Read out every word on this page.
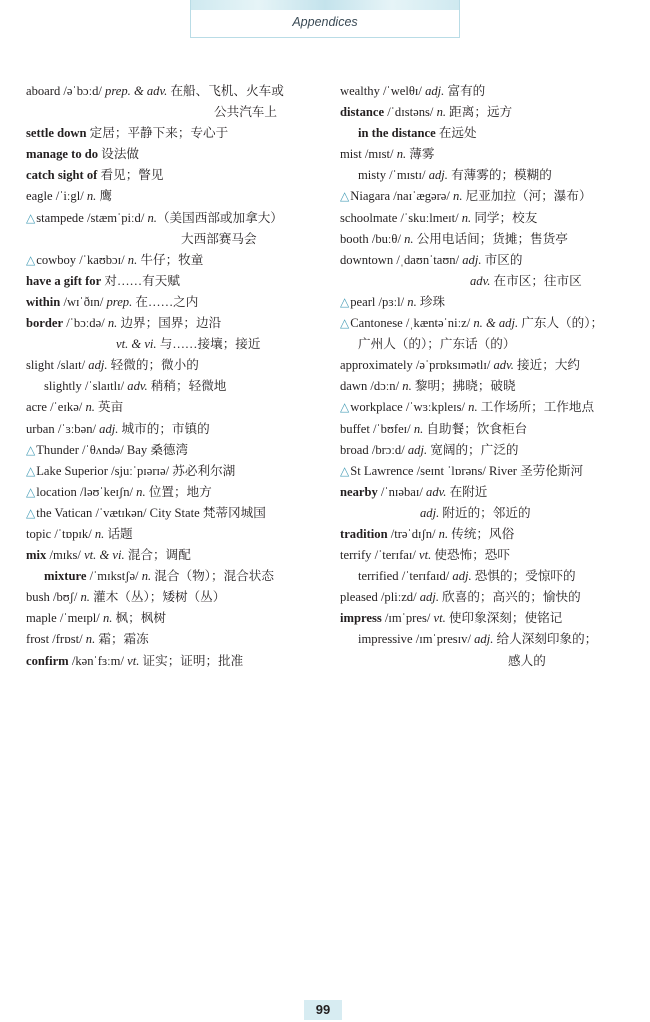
Appendices
aboard /əˈbɔːd/ prep. & adv. 在船、飞机、火车或
公共汽车上
settle down 定居；平静下来；专心于
manage to do 设法做
catch sight of 看见；瞥见
eagle /ˈiːgl/ n. 鹰
△stampede /stæmˈpiːd/ n.（美国西部或加拿大）
大西部赛马会
△cowboy /ˈkaʊbɔɪ/ n. 牛仔；牧童
have a gift for 对……有天赋
within /wɪˈðɪn/ prep. 在……之内
border /ˈbɔːdə/ n. 边界；国界；边沿
vt. & vi. 与……接壤；接近
slight /slaɪt/ adj. 轻微的；微小的
slightly /ˈslaɪtlɪ/ adv. 稍稍；轻微地
acre /ˈeɪkə/ n. 英亩
urban /ˈɜːbən/ adj. 城市的；市镇的
△Thunder /ˈθʌndə/ Bay 桑德湾
△Lake Superior /sjuːˈpɪərɪə/ 苏必利尔湖
△location /ləʊˈkeɪʃn/ n. 位置；地方
△the Vatican /ˈvætɪkən/ City State 梵蒂冈城国
topic /ˈtɒpɪk/ n. 话题
mix /mɪks/ vt. & vi. 混合；调配
mixture /ˈmɪkstʃə/ n. 混合（物）；混合状态
bush /bʊʃ/ n. 灌木（丛）；矮树（丛）
maple /ˈmeɪpl/ n. 枫；枫树
frost /frɒst/ n. 霜；霜冻
confirm /kənˈfɜːm/ vt. 证实；证明；批准
wealthy /ˈwelθɪ/ adj. 富有的
distance /ˈdɪstəns/ n. 距离；远方
in the distance 在远处
mist /mɪst/ n. 薄雾
misty /ˈmɪstɪ/ adj. 有薄雾的；模糊的
△Niagara /naɪˈægərə/ n. 尼亚加拉（河；瀑布）
schoolmate /ˈskuːlmeɪt/ n. 同学；校友
booth /buːθ/ n. 公用电话间；货摊；售货亭
downtown /ˌdaʊnˈtaʊn/ adj. 市区的
adv. 在市区；往市区
△pearl /pɜːl/ n. 珍珠
△Cantonese /ˌkæntəˈniːz/ n. & adj. 广东人（的）；
广州人（的）；广东话（的）
approximately /əˈprɒksɪmətlɪ/ adv. 接近；大约
dawn /dɔːn/ n. 黎明；拂晓；破晓
△workplace /ˈwɜːkpleɪs/ n. 工作场所；工作地点
buffet /ˈbʊfeɪ/ n. 自助餐；饮食柜台
broad /brɔːd/ adj. 宽阔的；广泛的
△St Lawrence /seɪnt ˈlɒrəns/ River 圣劳伦斯河
nearby /ˈnɪəbaɪ/ adv. 在附近
adj. 附近的；邻近的
tradition /trəˈdɪʃn/ n. 传统；风俗
terrify /ˈterɪfaɪ/ vt. 使恐怖；恐吓
terrified /ˈterɪfaɪd/ adj. 恐惧的；受惊吓的
pleased /pliːzd/ adj. 欣喜的；高兴的；愉快的
impress /ɪmˈpres/ vt. 使印象深刻；使铭记
impressive /ɪmˈpresɪv/ adj. 给人深刻印象的；
感人的
99
